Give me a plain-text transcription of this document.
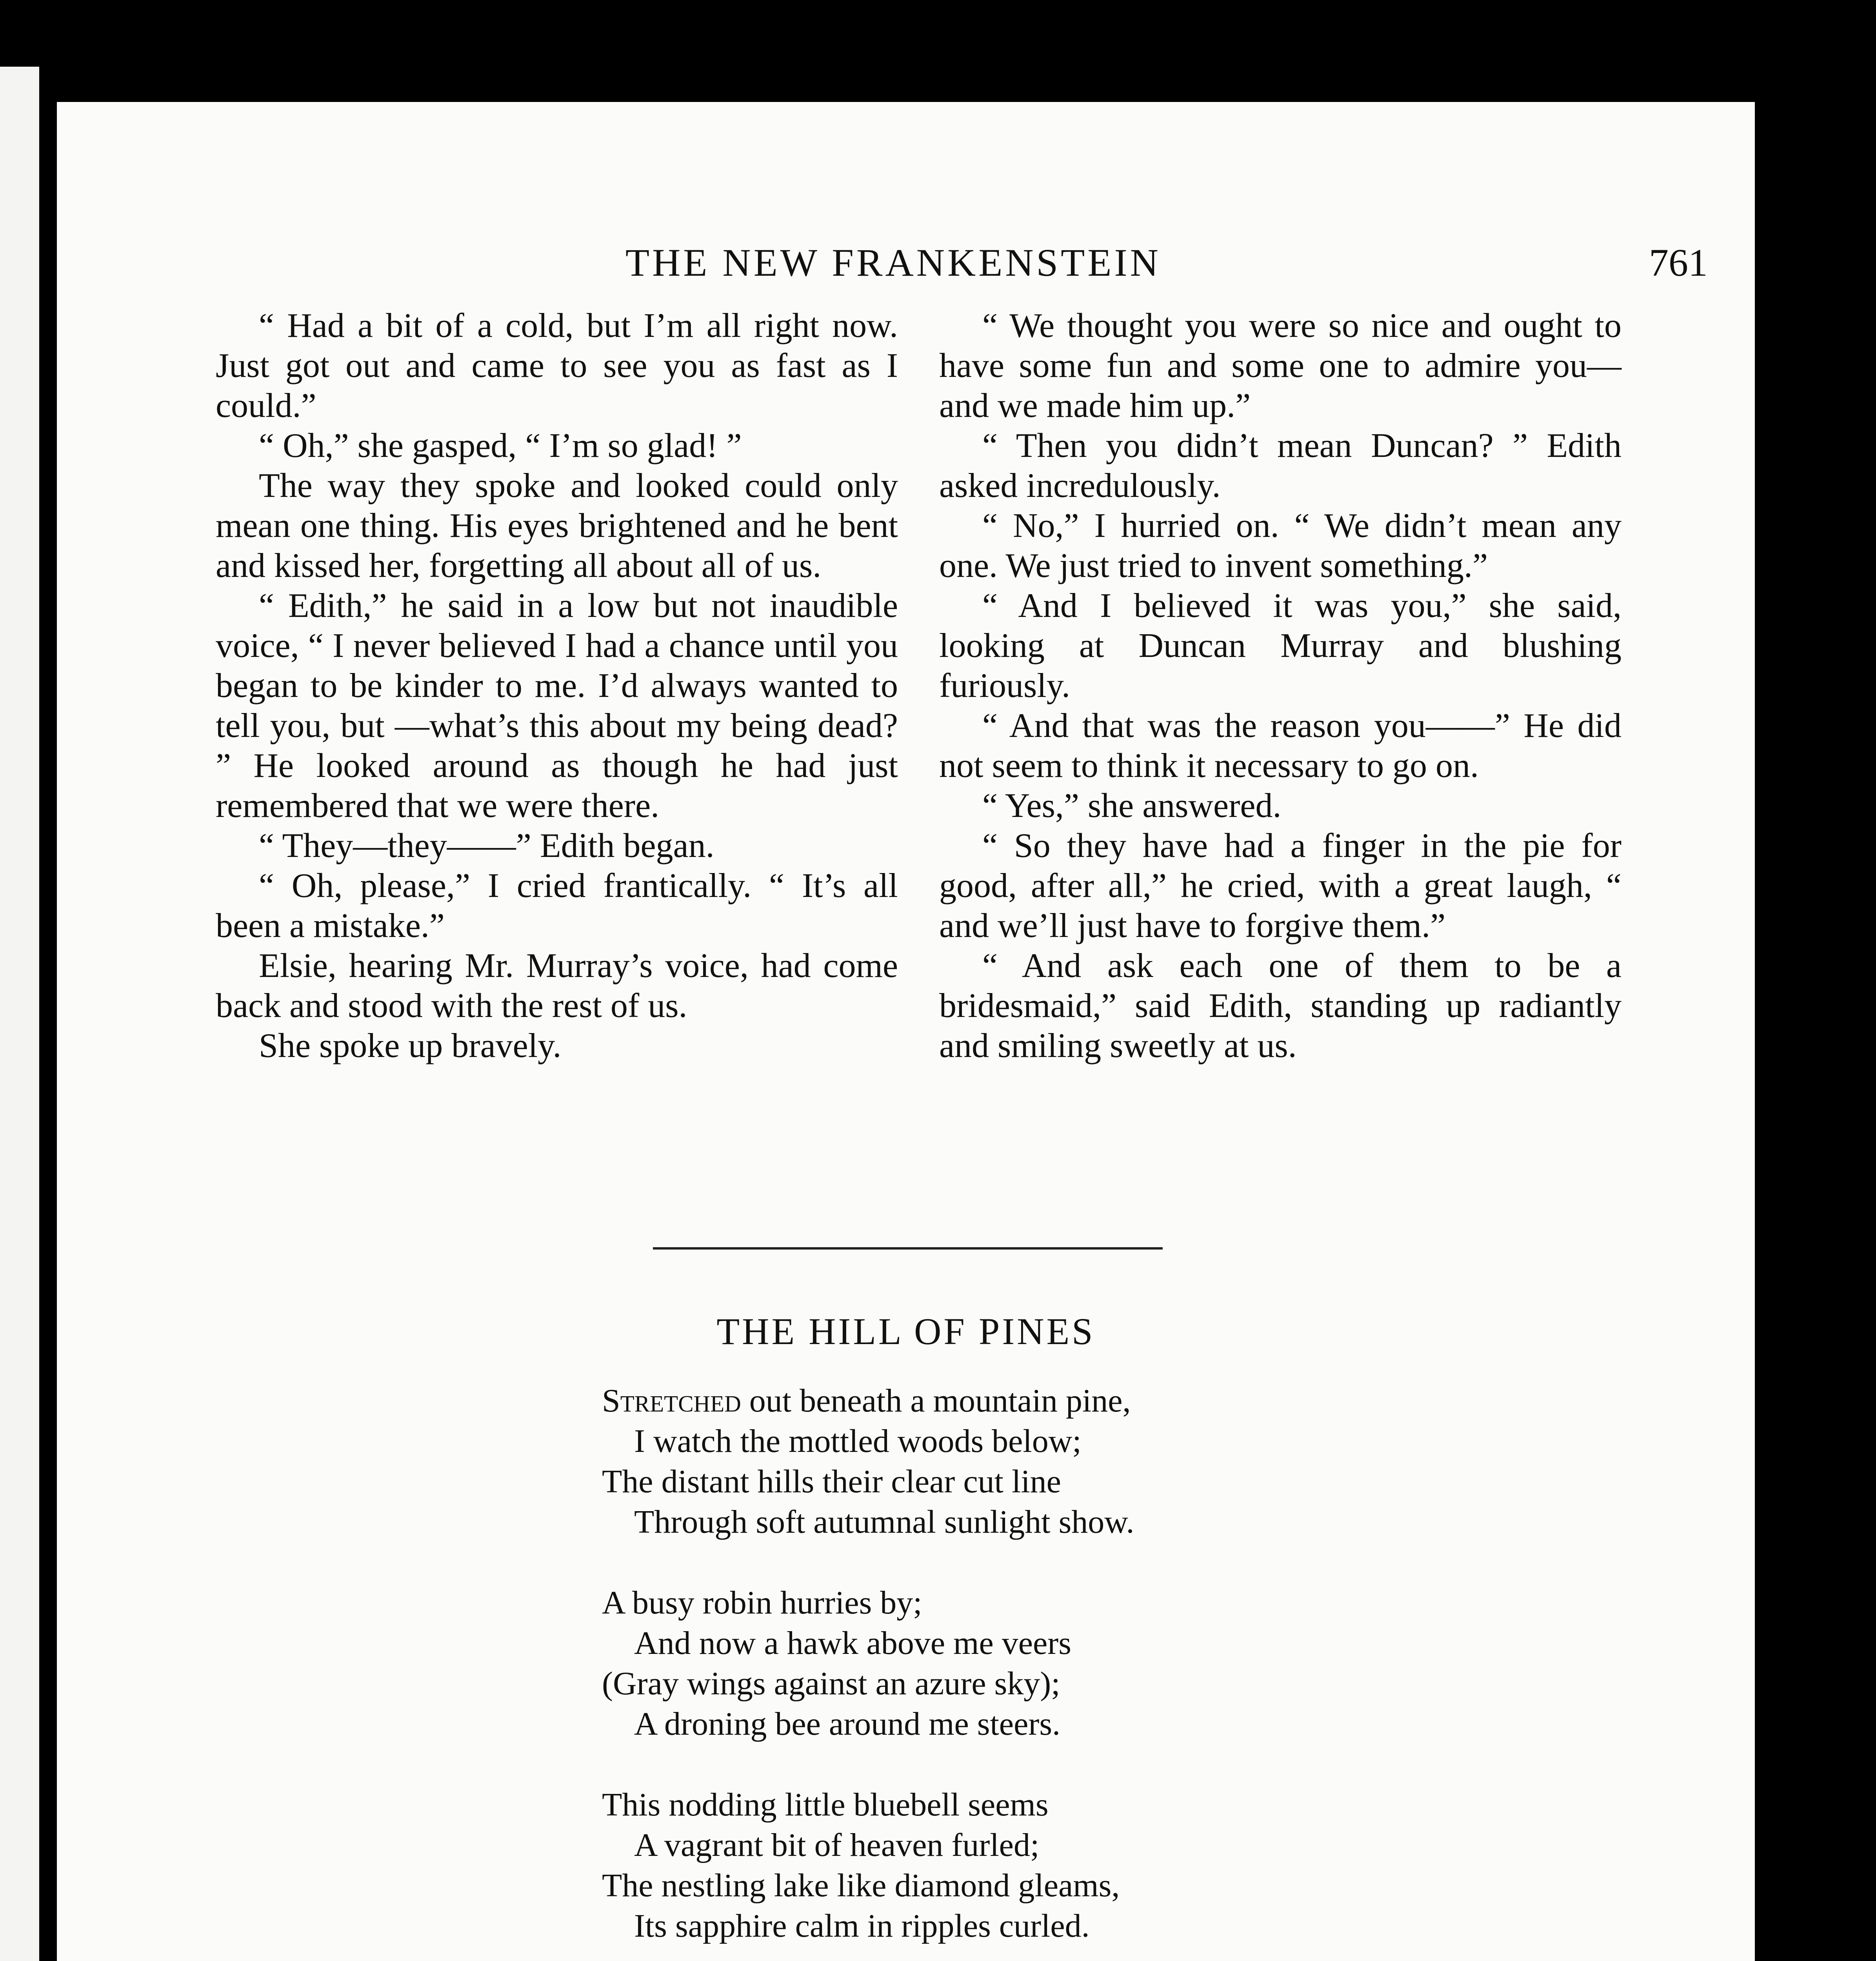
THE NEW FRANKENSTEIN	761

“ Had a bit of a cold, but I’m all right now. Just got out and came to see you as fast as I could.”

“ Oh,” she gasped, “ I’m so glad! ”

The way they spoke and looked could only mean one thing. His eyes brightened and he bent and kissed her, forgetting all about all of us.

“ Edith,” he said in a low but not inaudible voice, “ I never believed I had a chance until you began to be kinder to me. I’d always wanted to tell you, but —what’s this about my being dead? ” He looked around as though he had just remembered that we were there.

“ They—they——” Edith began.

“ Oh, please,” I cried frantically. “ It’s all been a mistake.”

Elsie, hearing Mr. Murray’s voice, had come back and stood with the rest of us.

She spoke up bravely.

“ We thought you were so nice and ought to have some fun and some one to admire you—and we made him up.”

“ Then you didn’t mean Duncan? ” Edith asked incredulously.

“ No,” I hurried on. “ We didn’t mean any one. We just tried to invent something.”

“ And I believed it was you,” she said, looking at Duncan Murray and blushing furiously.

“ And that was the reason you——” He did not seem to think it necessary to go on.

“ Yes,” she answered.

“ So they have had a finger in the pie for good, after all,” he cried, with a great laugh, “ and we’ll just have to forgive them.”

“ And ask each one of them to be a bridesmaid,” said Edith, standing up radiantly and smiling sweetly at us.

THE HILL OF PINES
Stretched out beneath a mountain pine,
I watch the mottled woods below;
The distant hills their clear cut line
Through soft autumnal sunlight show.
A busy robin hurries by;
And now a hawk above me veers
(Gray wings against an azure sky);
A droning bee around me steers.
This nodding little bluebell seems
A vagrant bit of heaven furled;
The nestling lake like diamond gleams,
Its sapphire calm in ripples curled.
